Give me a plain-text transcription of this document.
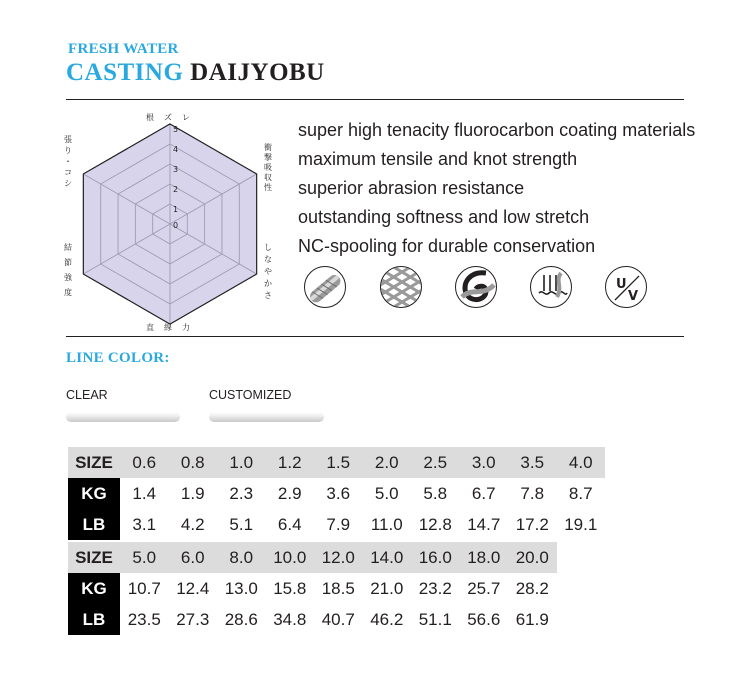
FRESH WATER
CASTING DAIJYOBU
0
1
2
3
4
5
根 ズ レ
衝撃吸収性
しなやかさ
直 線 力
結節強度
張り・コシ
super high tenacity fluorocarbon coating materials
maximum tensile and knot strength
superior abrasion resistance
outstanding softness and low stretch
NC-spooling for durable conservation
U
V
LINE COLOR:
CLEAR	CUSTOMIZED
SIZE	0.6	0.8	1.0	1.2	1.5	2.0	2.5	3.0	3.5	4.0
KG	1.4	1.9	2.3	2.9	3.6	5.0	5.8	6.7	7.8	8.7
LB	3.1	4.2	5.1	6.4	7.9	11.0	12.8	14.7	17.2	19.1
SIZE	5.0	6.0	8.0	10.0	12.0	14.0	16.0	18.0	20.0
KG	10.7	12.4	13.0	15.8	18.5	21.0	23.2	25.7	28.2
LB	23.5	27.3	28.6	34.8	40.7	46.2	51.1	56.6	61.9
